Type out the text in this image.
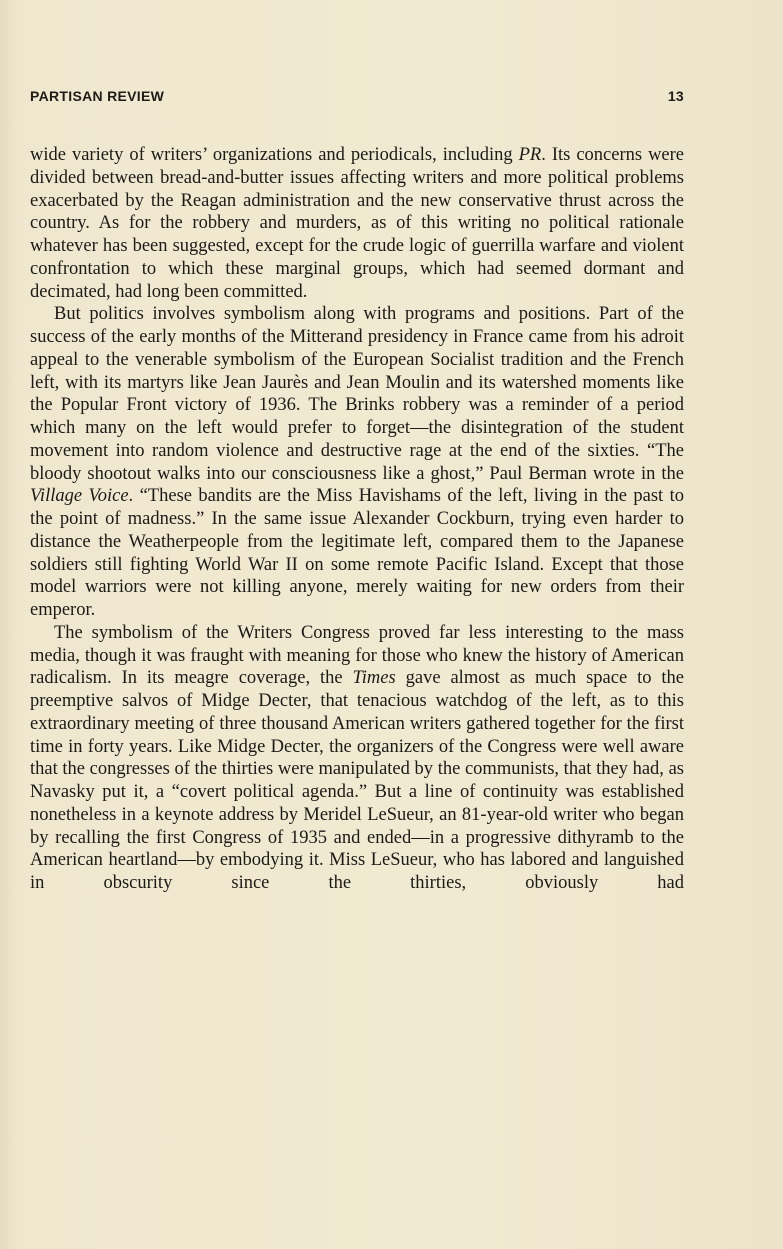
PARTISAN REVIEW	13

wide variety of writers’ organizations and periodicals, including PR. Its concerns were divided between bread-and-butter issues affecting writers and more political problems exacerbated by the Reagan administration and the new conservative thrust across the country. As for the robbery and murders, as of this writing no political rationale whatever has been suggested, except for the crude logic of guerrilla warfare and violent confrontation to which these marginal groups, which had seemed dormant and decimated, had long been committed.

But politics involves symbolism along with programs and positions. Part of the success of the early months of the Mitterand presidency in France came from his adroit appeal to the venerable symbolism of the European Socialist tradition and the French left, with its martyrs like Jean Jaurès and Jean Moulin and its watershed moments like the Popular Front victory of 1936. The Brinks robbery was a reminder of a period which many on the left would prefer to forget—the disintegration of the student movement into random violence and destructive rage at the end of the sixties. “The bloody shootout walks into our consciousness like a ghost,” Paul Berman wrote in the Village Voice. “These bandits are the Miss Havishams of the left, living in the past to the point of madness.” In the same issue Alexander Cockburn, trying even harder to distance the Weatherpeople from the legitimate left, compared them to the Japanese soldiers still fighting World War II on some remote Pacific Island. Except that those model warriors were not killing anyone, merely waiting for new orders from their emperor.

The symbolism of the Writers Congress proved far less interesting to the mass media, though it was fraught with meaning for those who knew the history of American radicalism. In its meagre coverage, the Times gave almost as much space to the preemptive salvos of Midge Decter, that tenacious watchdog of the left, as to this extraordinary meeting of three thousand American writers gathered together for the first time in forty years. Like Midge Decter, the organizers of the Congress were well aware that the congresses of the thirties were manipulated by the communists, that they had, as Navasky put it, a “covert political agenda.” But a line of continuity was established nonetheless in a keynote address by Meridel LeSueur, an 81-year-old writer who began by recalling the first Congress of 1935 and ended—in a progressive dithyramb to the American heartland—by embodying it. Miss LeSueur, who has labored and languished in obscurity since the thirties, obviously had
